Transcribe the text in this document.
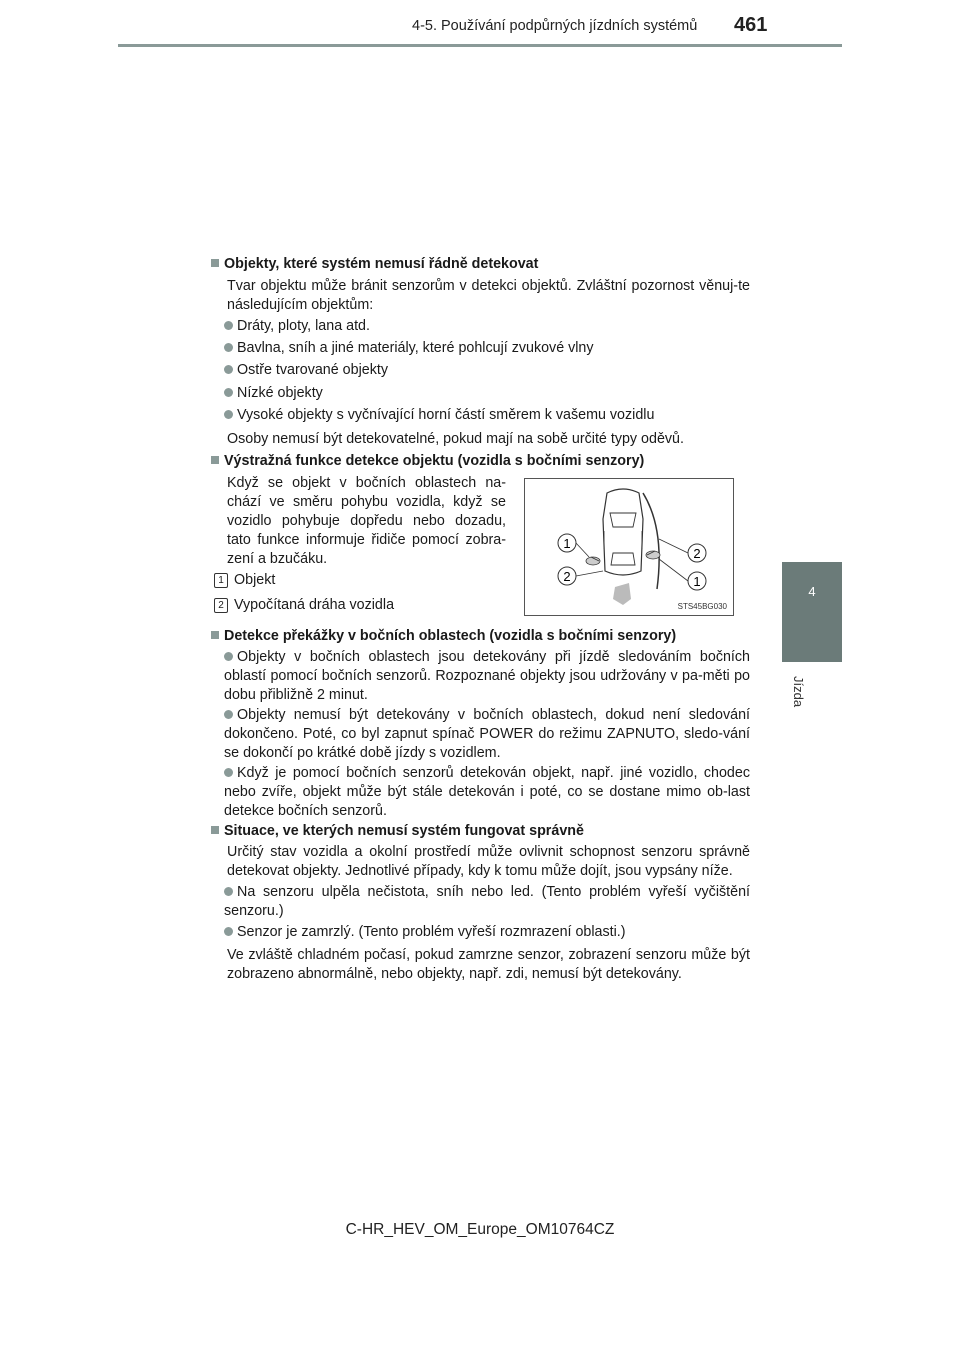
4-5. Používání podpůrných jízdních systémů 461
4
Jízda
Objekty, které systém nemusí řádně detekovat
Tvar objektu může bránit senzorům v detekci objektů. Zvláštní pozornost věnuj-te následujícím objektům:
Dráty, ploty, lana atd.
Bavlna, sníh a jiné materiály, které pohlcují zvukové vlny
Ostře tvarované objekty
Nízké objekty
Vysoké objekty s vyčnívající horní částí směrem k vašemu vozidlu
Osoby nemusí být detekovatelné, pokud mají na sobě určité typy oděvů.
Výstražná funkce detekce objektu (vozidla s bočními senzory)
Když se objekt v bočních oblastech na-chází ve směru pohybu vozidla, když se vozidlo pohybuje dopředu nebo dozadu, tato funkce informuje řidiče pomocí zobra-zení a bzučáku.
1 Objekt
2 Vypočítaná dráha vozidla
1
2
2
1
STS45BG030
Detekce překážky v bočních oblastech (vozidla s bočními senzory)
Objekty v bočních oblastech jsou detekovány při jízdě sledováním bočních oblastí pomocí bočních senzorů. Rozpoznané objekty jsou udržovány v pa-měti po dobu přibližně 2 minut.
Objekty nemusí být detekovány v bočních oblastech, dokud není sledování dokončeno. Poté, co byl zapnut spínač POWER do režimu ZAPNUTO, sledo-vání se dokončí po krátké době jízdy s vozidlem.
Když je pomocí bočních senzorů detekován objekt, např. jiné vozidlo, chodec nebo zvíře, objekt může být stále detekován i poté, co se dostane mimo ob-last detekce bočních senzorů.
Situace, ve kterých nemusí systém fungovat správně
Určitý stav vozidla a okolní prostředí může ovlivnit schopnost senzoru správně detekovat objekty. Jednotlivé případy, kdy k tomu může dojít, jsou vypsány níže.
Na senzoru ulpěla nečistota, sníh nebo led. (Tento problém vyřeší vyčištění senzoru.)
Senzor je zamrzlý. (Tento problém vyřeší rozmrazení oblasti.)
Ve zvláště chladném počasí, pokud zamrzne senzor, zobrazení senzoru může být zobrazeno abnormálně, nebo objekty, např. zdi, nemusí být detekovány.
C-HR_HEV_OM_Europe_OM10764CZ
